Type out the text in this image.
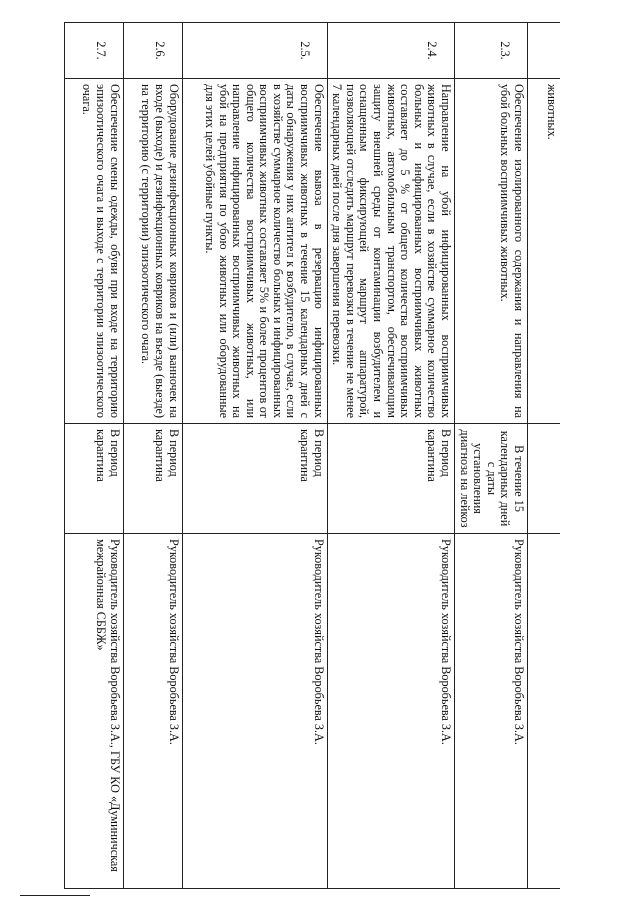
	животных.		
2.3.	Обеспечение изолированного содержания и направления на убой больных восприимчивых животных.	В течение 15 календарных дней с даты установления диагноза на лейкоз	Руководитель хозяйства Воробьева З.А.
2.4.	Направление на убой инфицированных восприимчивых животных в случае, если в хозяйстве суммарное количество больных и инфицированных восприимчивых животных составляет до 5 % от общего количества восприимчивых животных, автомобильным транспортом, обеспечивающим защиту внешней среды от контаминации возбудителем и оснащенным фиксирующей маршрут аппаратурой, позволяющей отследить маршрут перевозки в течение не менее 7 календарных дней после дня завершения перевозки.	В период карантина	Руководитель хозяйства Воробьева З.А.
2.5.	Обеспечение вывоза в резервацию инфицированных восприимчивых животных в течение 15 календарных дней с даты обнаружения у них антител к возбудителю, в случае, если в хозяйстве суммарное количество больных и инфицированных восприимчивых животных составляет 5% и более процентов от общего количества восприимчивых животных, или направление инфицированных восприимчивых животных на убой на предприятия по убою животных или оборудованные для этих целей убойные пункты.	В период карантина	Руководитель хозяйства Воробьева З.А.
2.6.	Оборудование дезинфекционных ковриков и (или) ванночек на входе (выходе) и дезинфекционных ковриков на въезде (выезде) на территорию (с территории) эпизоотического очага.	В период карантина	Руководитель хозяйства Воробьева З.А.
2.7.	Обеспечение смены одежды, обуви при входе на территорию эпизоотического очага и выходе с территории эпизоотического очага.	В период карантина	Руководитель хозяйства Воробьева З.А., ГБУ КО «Думиничская межрайонная СББЖ»
